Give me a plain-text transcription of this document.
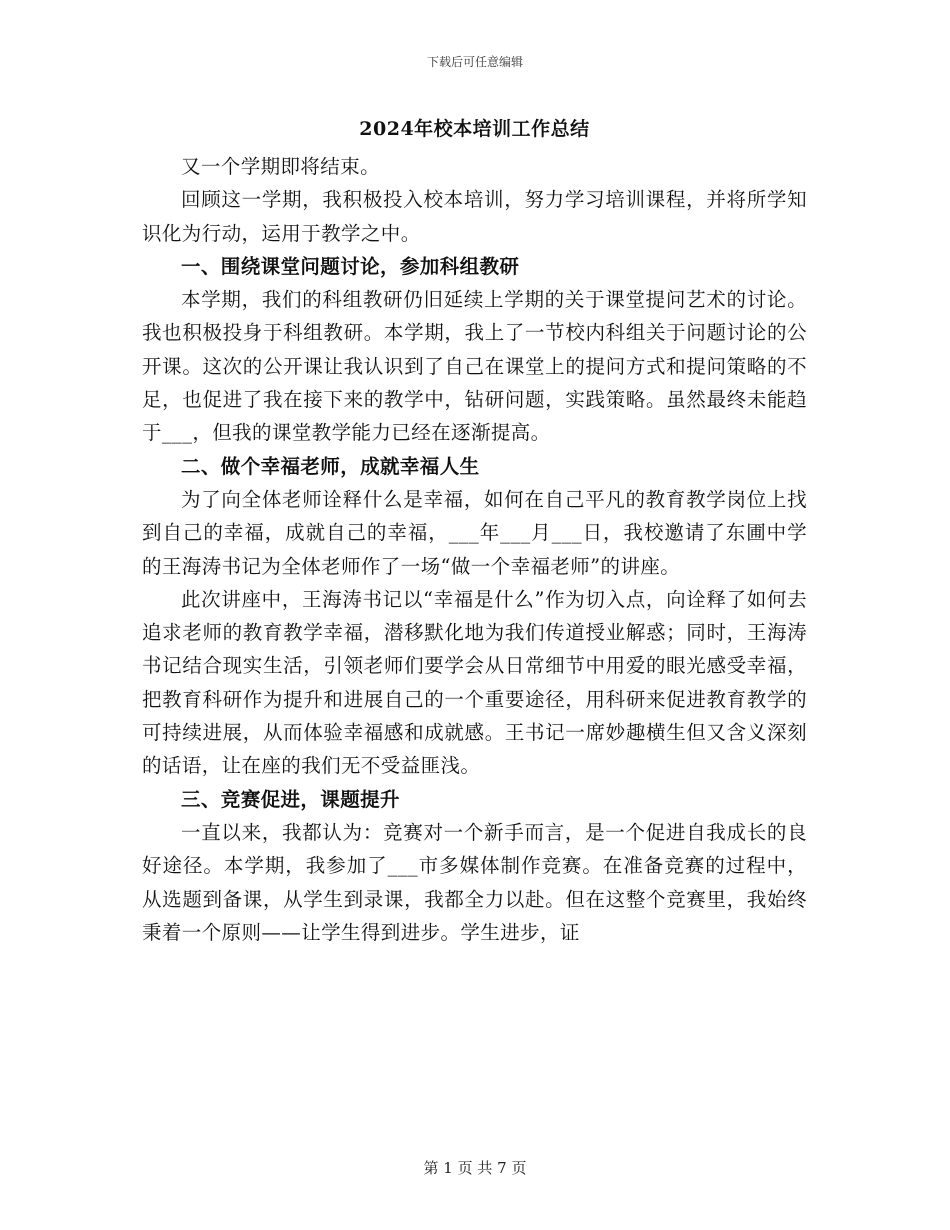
下载后可任意编辑
2024年校本培训工作总结

又一个学期即将结束。

回顾这一学期，我积极投入校本培训，努力学习培训课程，并将所学知识化为行动，运用于教学之中。

一、围绕课堂问题讨论，参加科组教研

本学期，我们的科组教研仍旧延续上学期的关于课堂提问艺术的讨论。我也积极投身于科组教研。本学期，我上了一节校内科组关于问题讨论的公开课。这次的公开课让我认识到了自己在课堂上的提问方式和提问策略的不足，也促进了我在接下来的教学中，钻研问题，实践策略。虽然最终未能趋于___，但我的课堂教学能力已经在逐渐提高。

二、做个幸福老师，成就幸福人生

为了向全体老师诠释什么是幸福，如何在自己平凡的教育教学岗位上找到自己的幸福，成就自己的幸福，___年___月___日，我校邀请了东圃中学的王海涛书记为全体老师作了一场“做一个幸福老师”的讲座。

此次讲座中，王海涛书记以“幸福是什么”作为切入点，向诠释了如何去追求老师的教育教学幸福，潜移默化地为我们传道授业解惑；同时，王海涛书记结合现实生活，引领老师们要学会从日常细节中用爱的眼光感受幸福，把教育科研作为提升和进展自己的一个重要途径，用科研来促进教育教学的可持续进展，从而体验幸福感和成就感。王书记一席妙趣横生但又含义深刻的话语，让在座的我们无不受益匪浅。

三、竞赛促进，课题提升

一直以来，我都认为：竞赛对一个新手而言，是一个促进自我成长的良好途径。本学期，我参加了___市多媒体制作竞赛。在准备竞赛的过程中，从选题到备课，从学生到录课，我都全力以赴。但在这整个竞赛里，我始终秉着一个原则——让学生得到进步。学生进步，证

第 1 页 共 7 页
